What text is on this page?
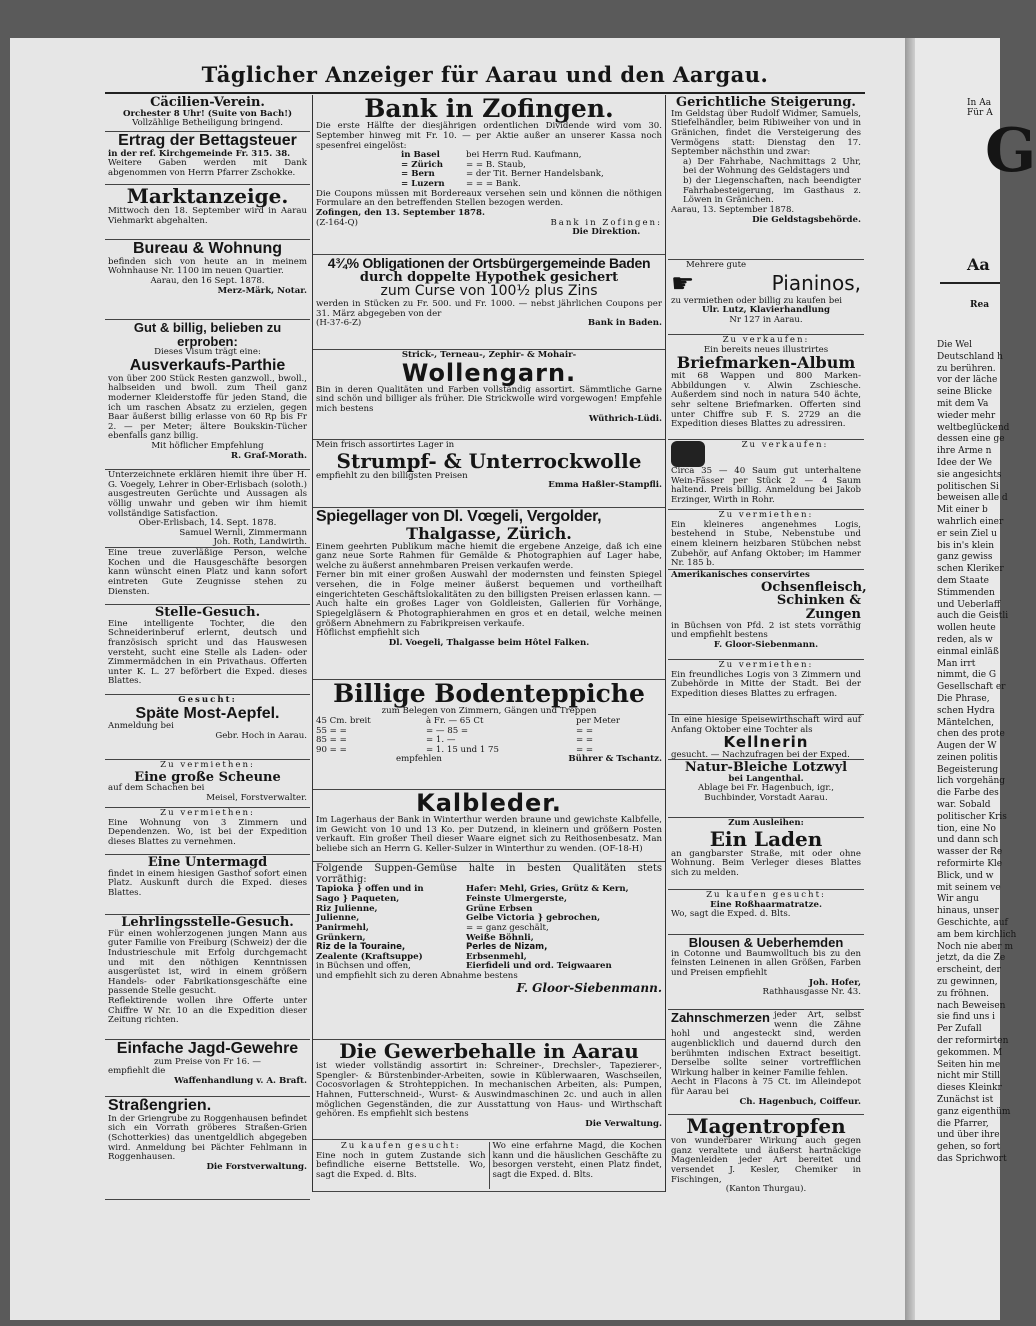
Täglicher Anzeiger für Aarau und den Aargau.
Cäcilien-Verein.

Orchester 8 Uhr! (Suite von Bach!)

Vollzählige Betheiligung bringend.

Ertrag der Bettagsteuer

in der ref. Kirchgemeinde Fr. 315. 38.

Weitere Gaben werden mit Dank abgenommen von Herrn Pfarrer Zschokke.

Marktanzeige.

Mittwoch den 18. September wird in Aarau Viehmarkt abgehalten.

Bureau & Wohnung

befinden sich von heute an in meinem Wohnhause Nr. 1100 im neuen Quartier.

Aarau, den 16 Sept. 1878.

Merz-Märk, Notar.

Gut & billig, belieben zu erproben:

Dieses Visum trägt eine:

Ausverkaufs-Parthie

von über 200 Stück Resten ganzwoll., bwoll., halbseiden und bwoll. zum Theil ganz moderner Kleiderstoffe für jeden Stand, die ich um raschen Absatz zu erzielen, gegen Baar äußerst billig erlasse von 60 Rp bis Fr 2. — per Meter; ältere Boukskin-Tücher ebenfalls ganz billig.

Mit höflicher Empfehlung

R. Graf-Morath.

Unterzeichnete erklären hiemit ihre über H. G. Voegely, Lehrer in Ober-Erlisbach (soloth.) ausgestreuten Gerüchte und Aussagen als völlig unwahr und geben wir ihm hiemit vollständige Satisfaction.

Ober-Erlisbach, 14. Sept. 1878.

Samuel Wernli, Zimmermann

Joh. Roth, Landwirth.

Eine treue zuverläßige Person, welche Kochen und die Hausgeschäfte besorgen kann wünscht einen Platz und kann sofort eintreten Gute Zeugnisse stehen zu Diensten.

Stelle-Gesuch.

Eine intelligente Tochter, die den Schneiderinberuf erlernt, deutsch und französisch spricht und das Hauswesen versteht, sucht eine Stelle als Laden- oder Zimmermädchen in ein Privathaus. Offerten unter K. L. 27 beförbert die Exped. dieses Blattes.

Gesucht:

Späte Most-Aepfel.

Anmeldung bei

Gebr. Hoch in Aarau.

Zu vermiethen:

Eine große Scheune

auf dem Schachen bei

Meisel, Forstverwalter.

Zu vermiethen:

Eine Wohnung von 3 Zimmern und Dependenzen. Wo, ist bei der Expedition dieses Blattes zu vernehmen.

Eine Untermagd

findet in einem hiesigen Gasthof sofort einen Platz. Auskunft durch die Exped. dieses Blattes.

Lehrlingsstelle-Gesuch.

Für einen wohlerzogenen jungen Mann aus guter Familie von Freiburg (Schweiz) der die Industrieschule mit Erfolg durchgemacht und mit den nöthigen Kenntnissen ausgerüstet ist, wird in einem größern Handels- oder Fabrikationsgeschäfte eine passende Stelle gesucht.

Reflektirende wollen ihre Offerte unter Chiffre W Nr. 10 an die Expedition dieser Zeitung richten.

Einfache Jagd-Gewehre

zum Preise von Fr 16. —

empfiehlt die

Waffenhandlung v. A. Braft.

Straßengrien.

In der Griengrube zu Roggenhausen befindet sich ein Vorrath gröberes Straßen-Grien (Schotterkies) das unentgeldlich abgegeben wird. Anmeldung bei Pächter Fehlmann in Roggenhausen.

Die Forstverwaltung.

Bank in Zofingen.

Die erste Hälfte der diesjährigen ordentlichen Dividende wird vom 30. September hinweg mit Fr. 10. — per Aktie außer an unserer Kassa noch spesenfrei eingelöst:

in Basel	bei Herrn Rud. Kaufmann,
= Zürich	= = B. Staub,
= Bern	= der Tit. Berner Handelsbank,
= Luzern	= = = Bank.

Die Coupons müssen mit Bordereaux versehen sein und können die nöthigen Formulare an den betreffenden Stellen bezogen werden.

Zofingen, den 13. September 1878.

(Z-164-Q)	Bank in Zofingen:
Die Direktion.
4¾% Obligationen der Ortsbürgergemeinde Baden
durch doppelte Hypothek gesichert
zum Curse von 100½ plus Zins

werden in Stücken zu Fr. 500. und Fr. 1000. — nebst jährlichen Coupons per 31. März abgegeben von der

(H-37-6-Z)	Bank in Baden.

Strick-, Terneau-, Zephir- & Mohair-

Wollengarn.

Bin in deren Qualitäten und Farben vollständig assortirt. Sämmtliche Garne sind schön und billiger als früher. Die Strickwolle wird vorgewogen! Empfehle mich bestens

Wüthrich-Lüdi.

Mein frisch assortirtes Lager in

Strumpf- & Unterrockwolle

empfiehlt zu den billigsten Preisen

Emma Haßler-Stampfli.

Spiegellager von Dl. Vœgeli, Vergolder,
Thalgasse, Zürich.

Einem geehrten Publikum mache hiemit die ergebene Anzeige, daß ich eine ganz neue Sorte Rahmen für Gemälde & Photographien auf Lager habe, welche zu äußerst annehmbaren Preisen verkaufen werde.

Ferner bin mit einer großen Auswahl der modernsten und feinsten Spiegel versehen, die in Folge meiner äußerst bequemen und vortheilhaft eingerichteten Geschäftslokalitäten zu den billigsten Preisen erlassen kann. — Auch halte ein großes Lager von Goldleisten, Gallerien für Vorhänge, Spiegelgläsern & Photographierahmen en gros et en detail, welche meinen größern Abnehmern zu Fabrikpreisen verkaufe.

Höflichst empfiehlt sich

Dl. Voegeli, Thalgasse beim Hôtel Falken.

Billige Bodenteppiche

zum Belegen von Zimmern, Gängen und Treppen

45 Cm. breit	à Fr. — 65 Ct	per Meter
55 = =	= — 85 =	= =
85 = =	= 1. —	= =
90 = =	= 1. 15 und 1 75	= =
empfehlen	Bührer & Tschantz.
Kalbleder.

Im Lagerhaus der Bank in Winterthur werden braune und gewichste Kalbfelle, im Gewicht von 10 und 13 Ko. per Dutzend, in kleinern und größern Posten verkauft. Ein großer Theil dieser Waare eignet sich zu Reithosenbesatz. Man beliebe sich an Herrn G. Keller-Sulzer in Winterthur zu wenden. (OF-18-H)

Folgende Suppen-Gemüse halte in besten Qualitäten stets vorräthig:

Tapioka } offen und in

Sago } Paqueten,

Riz Julienne,

Julienne,

Panirmehl,

Grünkern,

Riz de la Touraine,

Zealente (Kraftsuppe)

in Büchsen und offen,

Hafer: Mehl, Gries, Grütz & Kern,

Feinste Ulmergerste,

Grüne Erbsen

Gelbe Victoria } gebrochen,

= = ganz geschält,

Weiße Böhnli,

Perles de Nizam,

Erbsenmehl,

Eierfideli und ord. Teigwaaren

und empfiehlt sich zu deren Abnahme bestens

F. Gloor-Siebenmann.

Die Gewerbehalle in Aarau

ist wieder vollständig assortirt in: Schreiner-, Drechsler-, Tapezierer-, Spengler- & Bürstenbinder-Arbeiten, sowie in Küblerwaaren, Waschseilen, Cocosvorlagen & Strohteppichen. In mechanischen Arbeiten, als: Pumpen, Hahnen, Futterschneid-, Wurst- & Auswindmaschinen 2c. und auch in allen möglichen Gegenständen, die zur Ausstattung von Haus- und Wirthschaft gehören. Es empfiehlt sich bestens

Die Verwaltung.

Zu kaufen gesucht:

Eine noch in gutem Zustande sich befindliche eiserne Bettstelle. Wo, sagt die Exped. d. Blts.

Wo eine erfahrne Magd, die Kochen kann und die häuslichen Geschäfte zu besorgen versteht, einen Platz findet, sagt die Exped. d. Blts.

Gerichtliche Steigerung.

Im Geldstag über Rudolf Widmer, Samuels, Stiefelhändler, beim Ribiweiher von und in Gränichen, findet die Versteigerung des Vermögens statt: Dienstag den 17. September nächsthin und zwar:

a) Der Fahrhabe, Nachmittags 2 Uhr, bei der Wohnung des Geldstagers und

b) der Liegenschaften, nach beendigter Fahrhabesteigerung, im Gasthaus z. Löwen in Gränichen.

Aarau, 13. September 1878.

Die Geldstagsbehörde.

Mehrere gute

☛	Pianinos,

zu vermiethen oder billig zu kaufen bei

Ulr. Lutz, Klavierhandlung

Nr 127 in Aarau.

Zu verkaufen:

Ein bereits neues illustrirtes

Briefmarken-Album

mit 68 Wappen und 800 Marken-Abbildungen v. Alwin Zschiesche. Außerdem sind noch in natura 540 ächte, sehr seltene Briefmarken. Offerten sind unter Chiffre sub F. S. 2729 an die Expedition dieses Blattes zu adressiren.

Zu verkaufen:

Circa 35 — 40 Saum gut unterhaltene Wein-Fässer per Stück 2 — 4 Saum haltend. Preis billig. Anmeldung bei Jakob Erzinger, Wirth in Rohr.

Zu vermiethen:

Ein kleineres angenehmes Logis, bestehend in Stube, Nebenstube und einem kleinern heizbaren Stübchen nebst Zubehör, auf Anfang Oktober; im Hammer Nr. 185 b.

Amerikanisches conservirtes

Ochsenfleisch, Schinken & Zungen

in Büchsen von Pfd. 2 ist stets vorräthig und empfiehlt bestens

F. Gloor-Siebenmann.

Zu vermiethen:

Ein freundliches Logis von 3 Zimmern und Zubehörde in Mitte der Stadt. Bei der Expedition dieses Blattes zu erfragen.

In eine hiesige Speisewirthschaft wird auf Anfang Oktober eine Tochter als

Kellnerin

gesucht. — Nachzufragen bei der Exped.

Natur-Bleiche Lotzwyl

bei Langenthal.

Ablage bei Fr. Hagenbuch, igr., Buchbinder, Vorstadt Aarau.

Zum Ausleihen:

Ein Laden

an gangbarster Straße, mit oder ohne Wohnung. Beim Verleger dieses Blattes sich zu melden.

Zu kaufen gesucht:

Eine Roßhaarmatratze.

Wo, sagt die Exped. d. Blts.

Blousen & Ueberhemden

in Cotonne und Baumwolltuch bis zu den feinsten Leinenen in allen Größen, Farben und Preisen empfiehlt

Joh. Hofer,

Rathhausgasse Nr. 43.

Zahnschmerzen jeder Art, selbst wenn die Zähne hohl und angesteckt sind, werden augenblicklich und dauernd durch den berühmten indischen Extract beseitigt. Derselbe sollte seiner vortrefflichen Wirkung halber in keiner Familie fehlen.

Aecht in Flacons à 75 Ct. im Alleindepot für Aarau bei

Ch. Hagenbuch, Coiffeur.

Magentropfen

von wunderbarer Wirkung auch gegen ganz veraltete und äußerst hartnäckige Magenleiden jeder Art bereitet und versendet J. Kesler, Chemiker in Fischingen,

(Kanton Thurgau).

In Aa
Für A
G
Aa
Rea
Die Wel
Deutschland h
zu berühren.
vor der läche
seine Blicke
mit dem Va
wieder mehr
weltbeglückend
dessen eine ge
ihre Arme n
Idee der We
sie angesichts
politischen Si
beweisen alle d
Mit einer b
wahrlich einer
er sein Ziel u
bis in's klein
ganz gewiss
schen Kleriker
dem Staate
Stimmenden
und Ueberlaff
auch die Geistli
wollen heute
reden, als w
einmal einläß
Man irrt
nimmt, die G
Gesellschaft er
Die Phrase,
schen Hydra
Mäntelchen,
chen des prote
Augen der W
zeinen politis
Begeisterung
lich vorgehäng
die Farbe des
war. Sobald
politischer Kris
tion, eine No
und dann sch
wasser der Re
reformirte Kle
Blick, und w
mit seinem ve
Wir angu
hinaus, unser
Geschichte, auf
am bem kirchlich
Noch nie aber m
jetzt, da die Ze
erscheint, der
zu gewinnen,
zu fröhnen.
nach Beweisen
sie find uns i
Per Zufall
der reformirten
gekommen. M
Seiten hin me
nicht mir Still
dieses Kleinkr
Zunächst ist
ganz eigenthüm
die Pfarrer,
und über ihre
gehen, so fort
das Sprichwort
